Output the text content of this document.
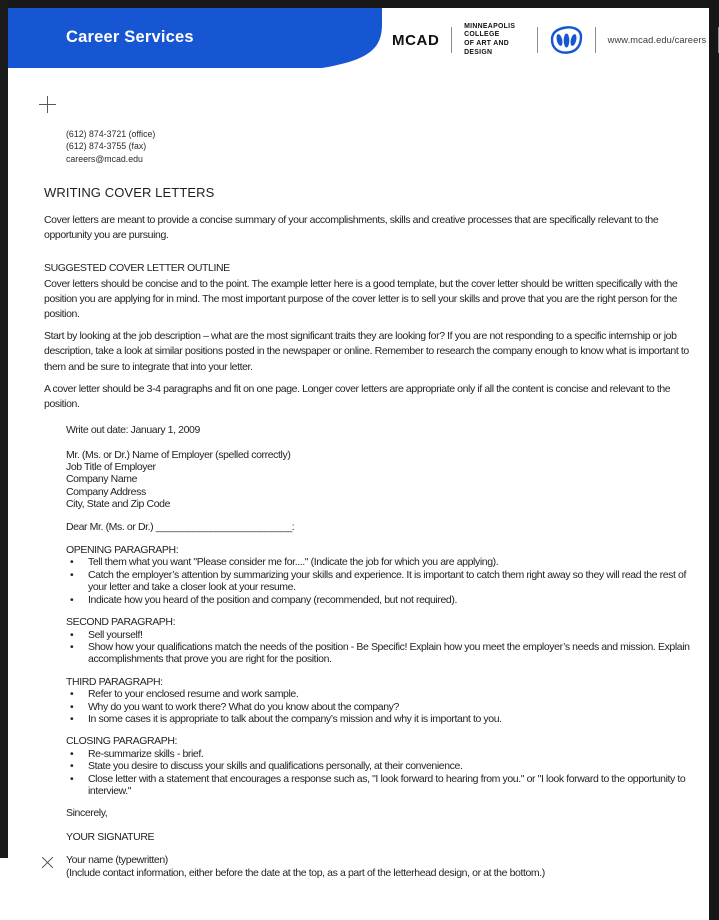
Career Services	MCAD
MINNEAPOLIS COLLEGE
OF ART AND DESIGN
www.mcad.edu/careers
(612) 874-3721 (office)
(612) 874-3755 (fax)
careers@mcad.edu
WRITING COVER LETTERS

Cover letters are meant to provide a concise summary of your accomplishments, skills and creative processes that are specifically relevant to the opportunity you are pursuing.

SUGGESTED COVER LETTER OUTLINE

Cover letters should be concise and to the point. The example letter here is a good template, but the cover letter should be written specifically with the position you are applying for in mind. The most important purpose of the cover letter is to sell your skills and prove that you are the right person for the position.

Start by looking at the job description – what are the most significant traits they are looking for? If you are not responding to a specific internship or job description, take a look at similar positions posted in the newspaper or online. Remember to research the company enough to know what is important to them and be sure to integrate that into your letter.

A cover letter should be 3-4 paragraphs and fit on one page. Longer cover letters are appropriate only if all the content is concise and relevant to the position.

Write out date: January 1, 2009
Mr. (Ms. or Dr.) Name of Employer (spelled correctly)
Job Title of Employer
Company Name
Company Address
City, State and Zip Code
Dear Mr. (Ms. or Dr.) _________________________:
OPENING PARAGRAPH:
• Tell them what you want "Please consider me for...." (Indicate the job for which you are applying).
• Catch the employer’s attention by summarizing your skills and experience. It is important to catch them right away so they will read the rest of your letter and take a closer look at your resume.
• Indicate how you heard of the position and company (recommended, but not required).
SECOND PARAGRAPH:
• Sell yourself!
• Show how your qualifications match the needs of the position - Be Specific! Explain how you meet the employer’s needs and mission. Explain accomplishments that prove you are right for the position.
THIRD PARAGRAPH:
• Refer to your enclosed resume and work sample.
• Why do you want to work there? What do you know about the company?
• In some cases it is appropriate to talk about the company’s mission and why it is important to you.
CLOSING PARAGRAPH:
• Re-summarize skills - brief.
• State you desire to discuss your skills and qualifications personally, at their convenience.
• Close letter with a statement that encourages a response such as, "I look forward to hearing from you." or "I look forward to the opportunity to interview."
Sincerely,
YOUR SIGNATURE
Your name (typewritten)
(Include contact information, either before the date at the top, as a part of the letterhead design, or at the bottom.)
